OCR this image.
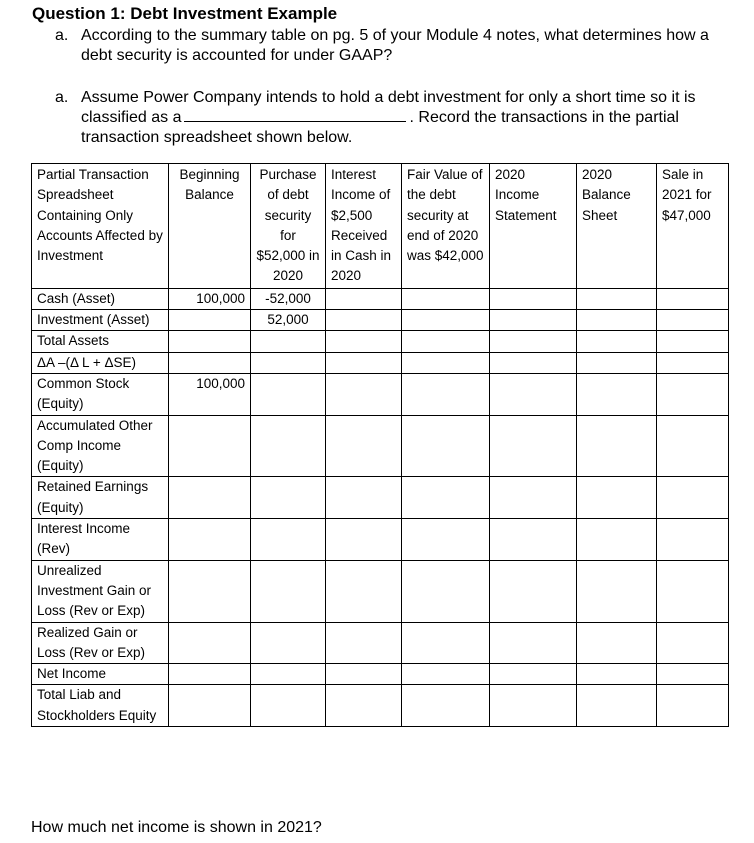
Question 1: Debt Investment Example
a. According to the summary table on pg. 5 of your Module 4 notes, what determines how a debt security is accounted for under GAAP?
a. Assume Power Company intends to hold a debt investment for only a short time so it is classified as a	. Record the transactions in the partial transaction spreadsheet shown below.
Partial Transaction Spreadsheet Containing Only Accounts Affected by Investment	Beginning Balance	Purchase of debt security for $52,000 in 2020	Interest Income of $2,500 Received in Cash in 2020	Fair Value of the debt security at end of 2020 was $42,000	2020 Income Statement	2020 Balance Sheet	Sale in 2021 for $47,000
Cash (Asset)	100,000	-52,000					
Investment (Asset)		52,000					
Total Assets							
ΔA –(Δ L + ΔSE)							
Common Stock (Equity)	100,000						
Accumulated Other Comp Income (Equity)							
Retained Earnings (Equity)							
Interest Income (Rev)							
Unrealized Investment Gain or Loss (Rev or Exp)							
Realized Gain or Loss (Rev or Exp)							
Net Income							
Total Liab and Stockholders Equity							
How much net income is shown in 2021?
